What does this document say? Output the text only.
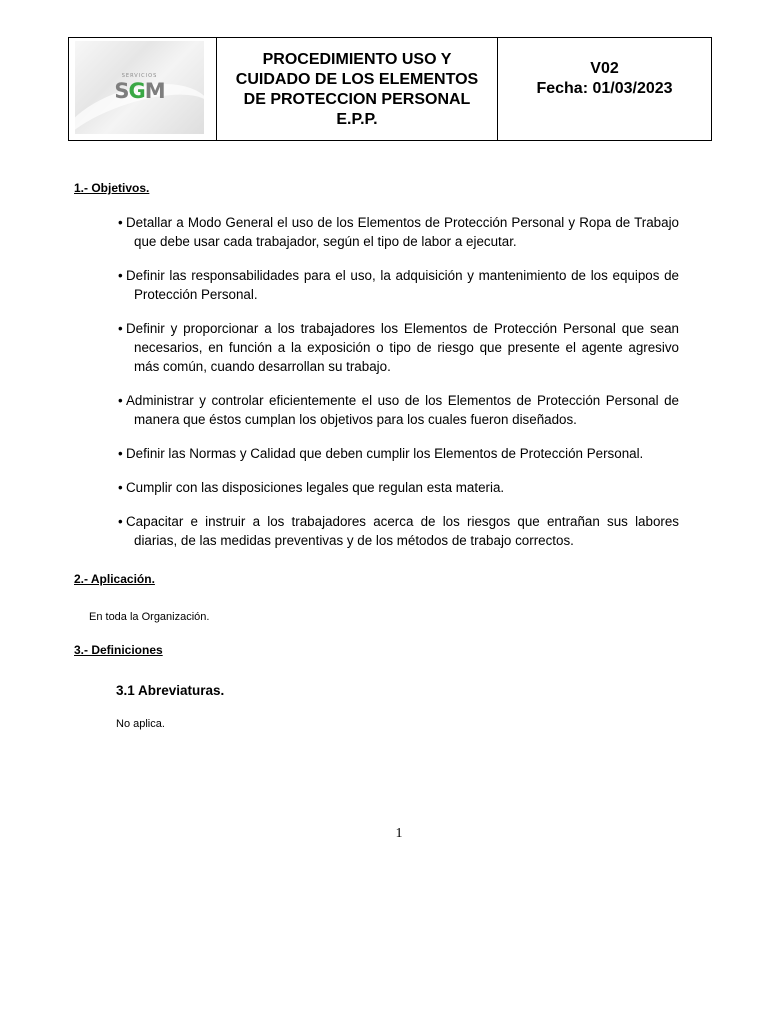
SERVICIOS
SGM
PROCEDIMIENTO USO Y
CUIDADO DE LOS ELEMENTOS
DE PROTECCION PERSONAL
E.P.P.
V02
Fecha: 01/03/2023
1.- Objetivos.
• Detallar a Modo General el uso de los Elementos de Protección Personal y Ropa de Trabajo que debe usar cada trabajador, según el tipo de labor a ejecutar.
• Definir las responsabilidades para el uso, la adquisición y mantenimiento de los equipos de Protección Personal.
• Definir y proporcionar a los trabajadores los Elementos de Protección Personal que sean necesarios, en función a la exposición o tipo de riesgo que presente el agente agresivo más común, cuando desarrollan su trabajo.
• Administrar y controlar eficientemente el uso de los Elementos de Protección Personal de manera que éstos cumplan los objetivos para los cuales fueron diseñados.
• Definir las Normas y Calidad que deben cumplir los Elementos de Protección Personal.
• Cumplir con las disposiciones legales que regulan esta materia.
• Capacitar e instruir a los trabajadores acerca de los riesgos que entrañan sus labores diarias, de las medidas preventivas y de los métodos de trabajo correctos.
2.- Aplicación.
En toda la Organización.
3.- Definiciones
3.1 Abreviaturas.
No aplica.
1
